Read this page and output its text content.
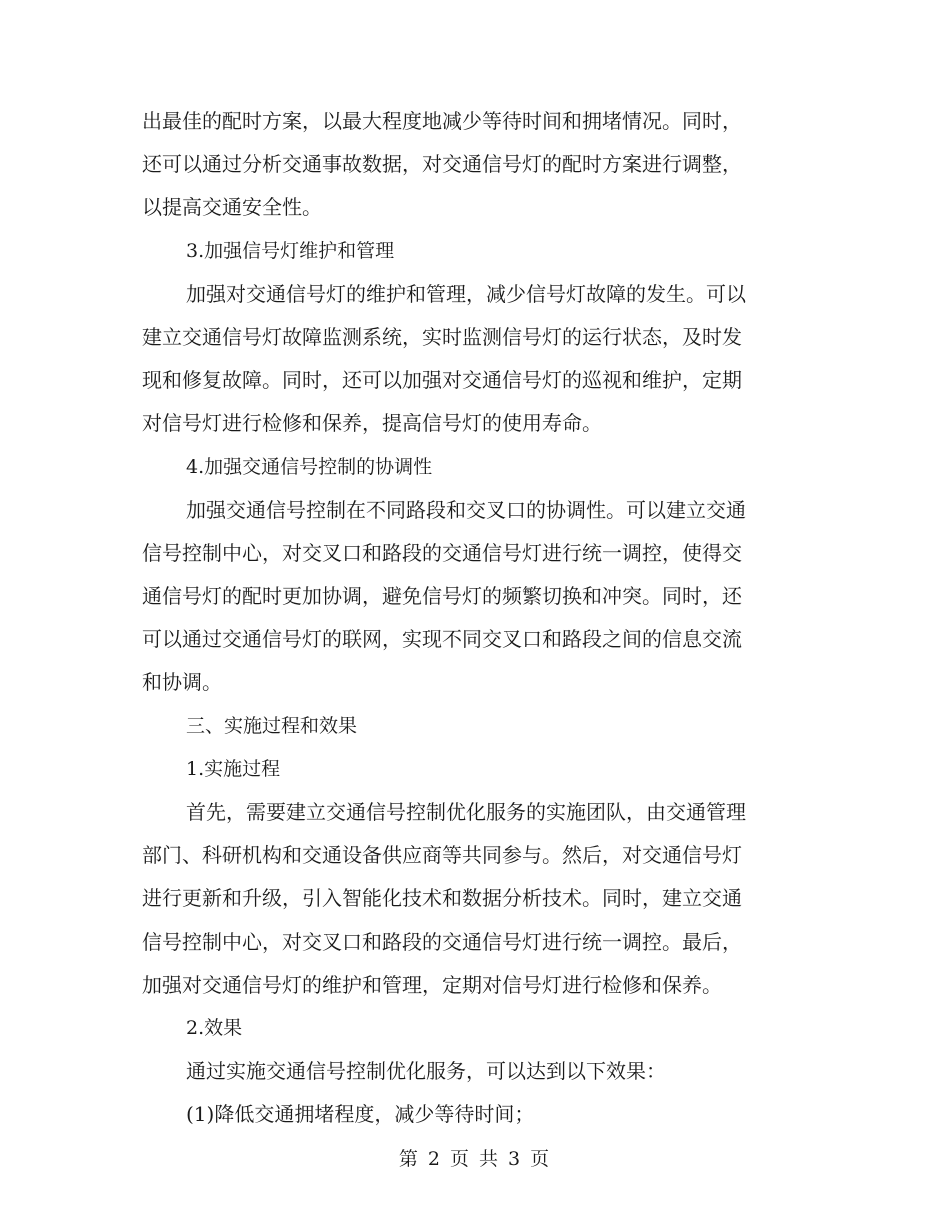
出最佳的配时方案，以最大程度地减少等待时间和拥堵情况。同时，
还可以通过分析交通事故数据，对交通信号灯的配时方案进行调整，
以提高交通安全性。
3.加强信号灯维护和管理
加强对交通信号灯的维护和管理，减少信号灯故障的发生。可以
建立交通信号灯故障监测系统，实时监测信号灯的运行状态，及时发
现和修复故障。同时，还可以加强对交通信号灯的巡视和维护，定期
对信号灯进行检修和保养，提高信号灯的使用寿命。
4.加强交通信号控制的协调性
加强交通信号控制在不同路段和交叉口的协调性。可以建立交通
信号控制中心，对交叉口和路段的交通信号灯进行统一调控，使得交
通信号灯的配时更加协调，避免信号灯的频繁切换和冲突。同时，还
可以通过交通信号灯的联网，实现不同交叉口和路段之间的信息交流
和协调。
三、实施过程和效果
1.实施过程
首先，需要建立交通信号控制优化服务的实施团队，由交通管理
部门、科研机构和交通设备供应商等共同参与。然后，对交通信号灯
进行更新和升级，引入智能化技术和数据分析技术。同时，建立交通
信号控制中心，对交叉口和路段的交通信号灯进行统一调控。最后，
加强对交通信号灯的维护和管理，定期对信号灯进行检修和保养。
2.效果
通过实施交通信号控制优化服务，可以达到以下效果：
(1)降低交通拥堵程度，减少等待时间；
第 2 页 共 3 页
